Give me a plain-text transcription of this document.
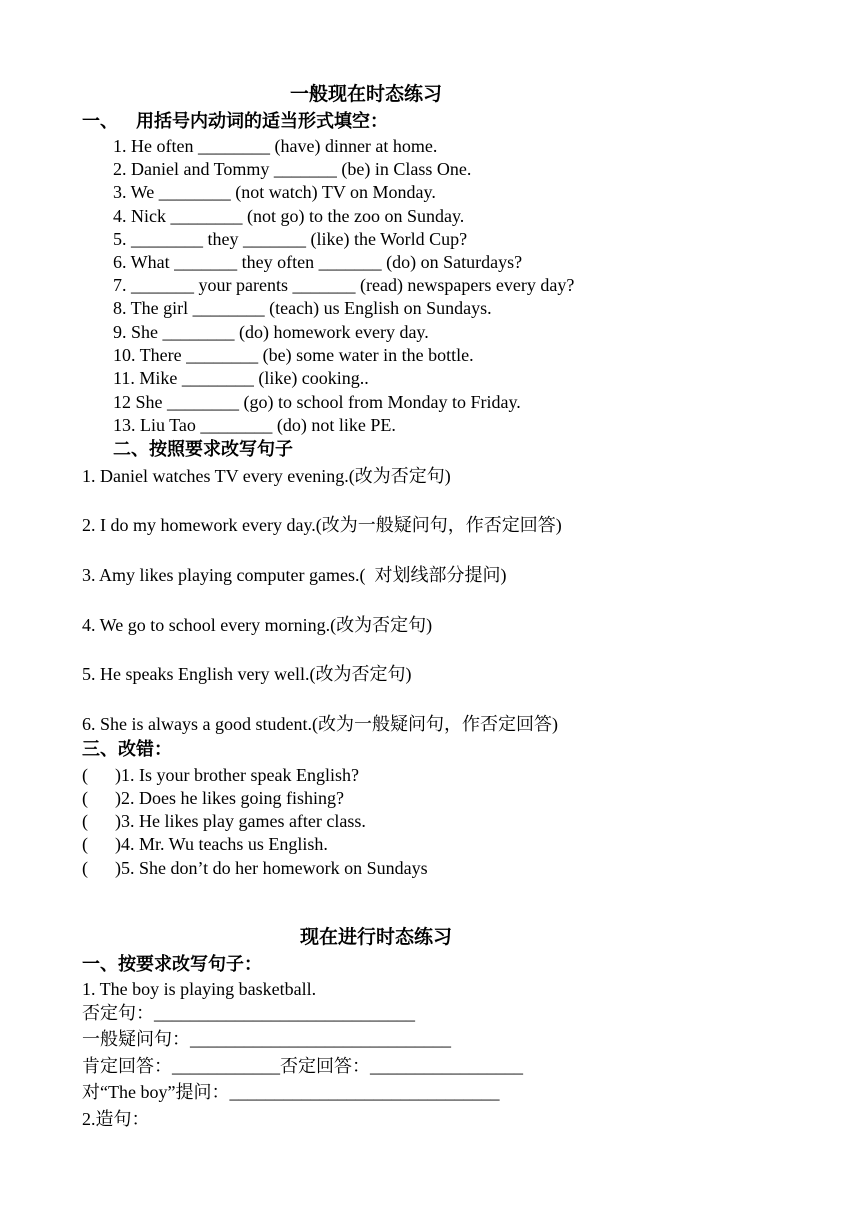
一般现在时态练习
一、    用括号内动词的适当形式填空：
1. He often ________ (have) dinner at home.
2. Daniel and Tommy _______ (be) in Class One.
3. We ________ (not watch) TV on Monday.
4. Nick ________ (not go) to the zoo on Sunday.
5. ________ they _______ (like) the World Cup?
6. What _______ they often _______ (do) on Saturdays?
7. _______ your parents _______ (read) newspapers every day?
8. The girl ________ (teach) us English on Sundays.
9. She ________ (do) homework every day.
10. There ________ (be) some water in the bottle.
11. Mike ________ (like) cooking..
12 She ________ (go) to school from Monday to Friday.
13. Liu Tao ________ (do) not like PE.
二、按照要求改写句子
1. Daniel watches TV every evening.(改为否定句)
2. I do my homework every day.(改为一般疑问句，作否定回答)
3. Amy likes playing computer games.(  对划线部分提问)
4. We go to school every morning.(改为否定句)
5. He speaks English very well.(改为否定句)
6. She is always a good student.(改为一般疑问句，作否定回答)
三、改错：
(      )1. Is your brother speak English?
(      )2. Does he likes going fishing?
(      )3. He likes play games after class.
(      )4. Mr. Wu teachs us English.
(      )5. She don’t do her homework on Sundays
现在进行时态练习
一、按要求改写句子：
1. The boy is playing basketball.
否定句：_____________________________
一般疑问句：_____________________________
肯定回答：____________否定回答：_________________
对“The boy”提问：______________________________
2.造句：
